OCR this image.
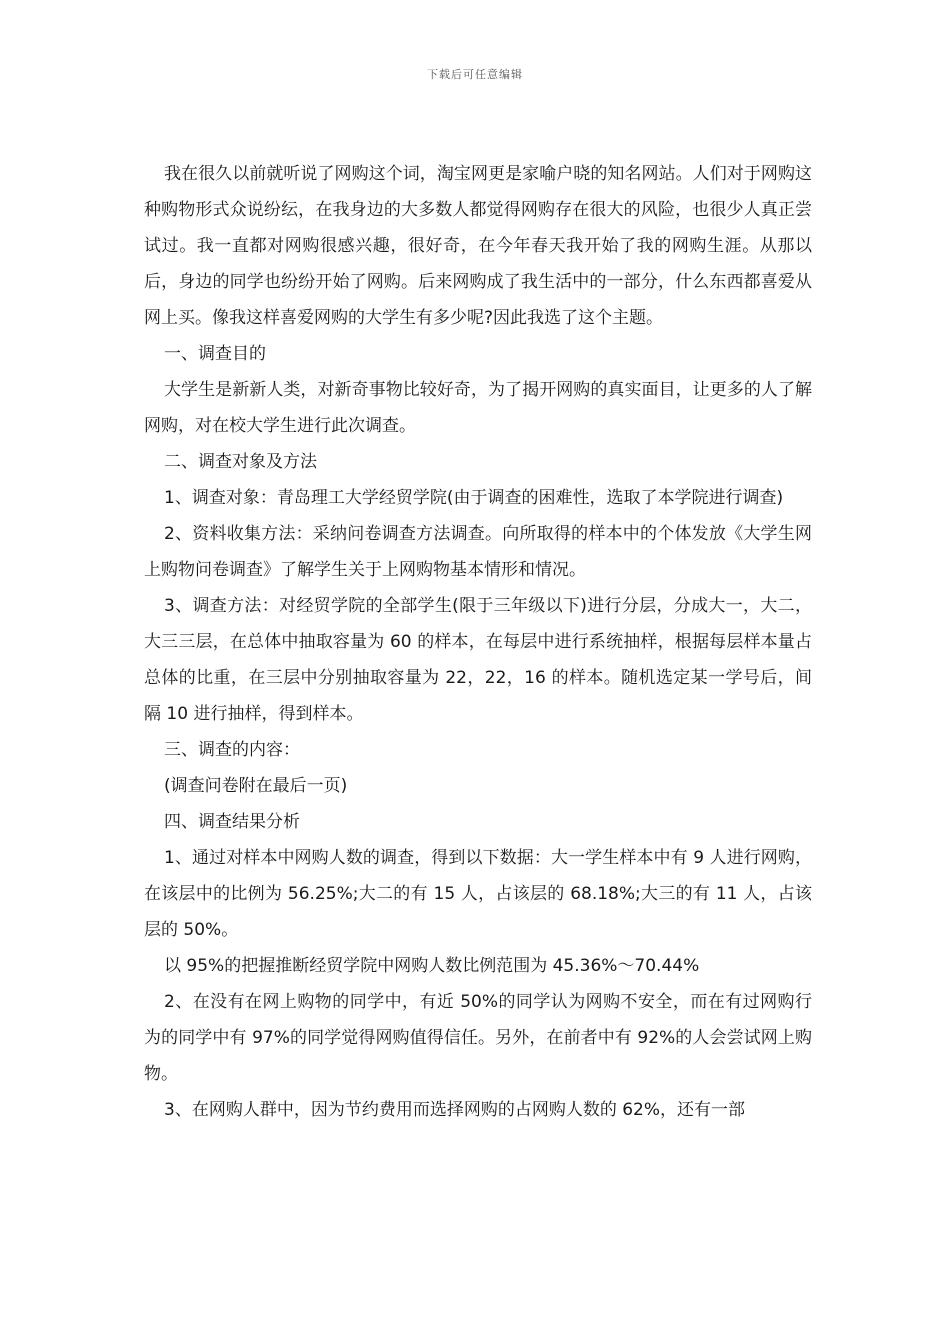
下载后可任意编辑

我在很久以前就听说了网购这个词，淘宝网更是家喻户晓的知名网站。人们对于网购这种购物形式众说纷纭，在我身边的大多数人都觉得网购存在很大的风险，也很少人真正尝试过。我一直都对网购很感兴趣，很好奇，在今年春天我开始了我的网购生涯。从那以后，身边的同学也纷纷开始了网购。后来网购成了我生活中的一部分，什么东西都喜爱从网上买。像我这样喜爱网购的大学生有多少呢?因此我选了这个主题。

一、调查目的

大学生是新新人类，对新奇事物比较好奇，为了揭开网购的真实面目，让更多的人了解网购，对在校大学生进行此次调查。

二、调查对象及方法

1、调查对象：青岛理工大学经贸学院(由于调查的困难性，选取了本学院进行调查)

2、资料收集方法：采纳问卷调查方法调查。向所取得的样本中的个体发放《大学生网上购物问卷调查》了解学生关于上网购物基本情形和情况。

3、调查方法：对经贸学院的全部学生(限于三年级以下)进行分层，分成大一，大二，大三三层，在总体中抽取容量为 60 的样本，在每层中进行系统抽样，根据每层样本量占总体的比重，在三层中分别抽取容量为 22，22，16 的样本。随机选定某一学号后，间隔 10 进行抽样，得到样本。

三、调查的内容：

(调查问卷附在最后一页)

四、调查结果分析

1、通过对样本中网购人数的调查，得到以下数据：大一学生样本中有 9 人进行网购，在该层中的比例为 56.25%;大二的有 15 人，占该层的 68.18%;大三的有 11 人，占该层的 50%。

以 95%的把握推断经贸学院中网购人数比例范围为 45.36%～70.44%

2、在没有在网上购物的同学中，有近 50%的同学认为网购不安全，而在有过网购行为的同学中有 97%的同学觉得网购值得信任。另外，在前者中有 92%的人会尝试网上购物。

3、在网购人群中，因为节约费用而选择网购的占网购人数的 62%，还有一部
